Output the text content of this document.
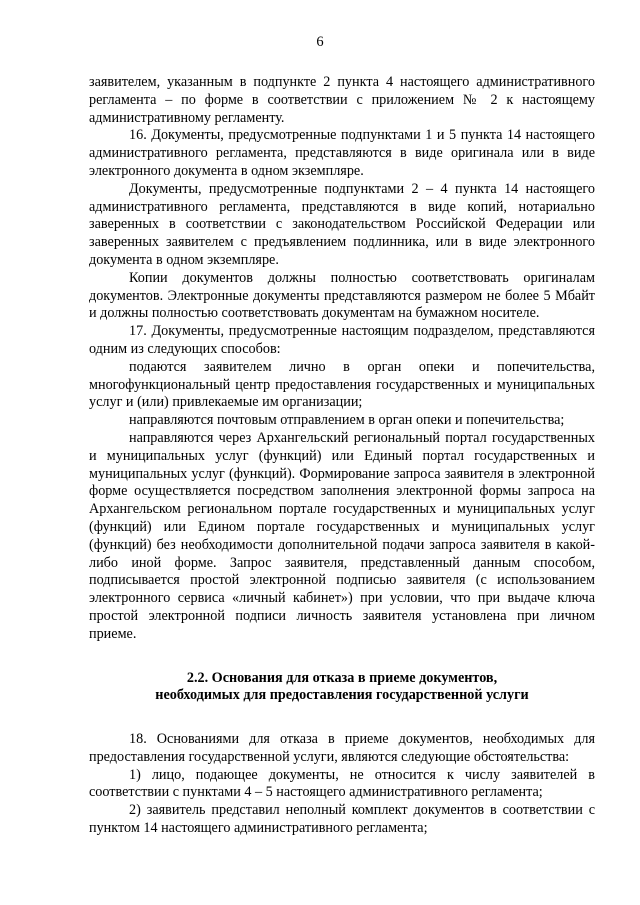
6

заявителем, указанным в подпункте 2 пункта 4 настоящего административного регламента – по форме в соответствии с приложением № 2 к настоящему административному регламенту.

16. Документы, предусмотренные подпунктами 1 и 5 пункта 14 настоящего административного регламента, представляются в виде оригинала или в виде электронного документа в одном экземпляре.

Документы, предусмотренные подпунктами 2 – 4 пункта 14 настоящего административного регламента, представляются в виде копий, нотариально заверенных в соответствии с законодательством Российской Федерации или заверенных заявителем с предъявлением подлинника, или в виде электронного документа в одном экземпляре.

Копии документов должны полностью соответствовать оригиналам документов. Электронные документы представляются размером не более 5 Мбайт и должны полностью соответствовать документам на бумажном носителе.

17. Документы, предусмотренные настоящим подразделом, представляются одним из следующих способов:

подаются заявителем лично в орган опеки и попечительства, многофункциональный центр предоставления государственных и муниципальных услуг и (или) привлекаемые им организации;

направляются почтовым отправлением в орган опеки и попечительства;

направляются через Архангельский региональный портал государственных и муниципальных услуг (функций) или Единый портал государственных и муниципальных услуг (функций). Формирование запроса заявителя в электронной форме осуществляется посредством заполнения электронной формы запроса на Архангельском региональном портале государственных и муниципальных услуг (функций) или Едином портале государственных и муниципальных услуг (функций) без необходимости дополнительной подачи запроса заявителя в какой-либо иной форме. Запрос заявителя, представленный данным способом, подписывается простой электронной подписью заявителя (с использованием электронного сервиса «личный кабинет») при условии, что при выдаче ключа простой электронной подписи личность заявителя установлена при личном приеме.

2.2. Основания для отказа в приеме документов,
необходимых для предоставления государственной услуги

18. Основаниями для отказа в приеме документов, необходимых для предоставления государственной услуги, являются следующие обстоятельства:

1) лицо, подающее документы, не относится к числу заявителей в соответствии с пунктами 4 – 5 настоящего административного регламента;

2) заявитель представил неполный комплект документов в соответствии с пунктом 14 настоящего административного регламента;
